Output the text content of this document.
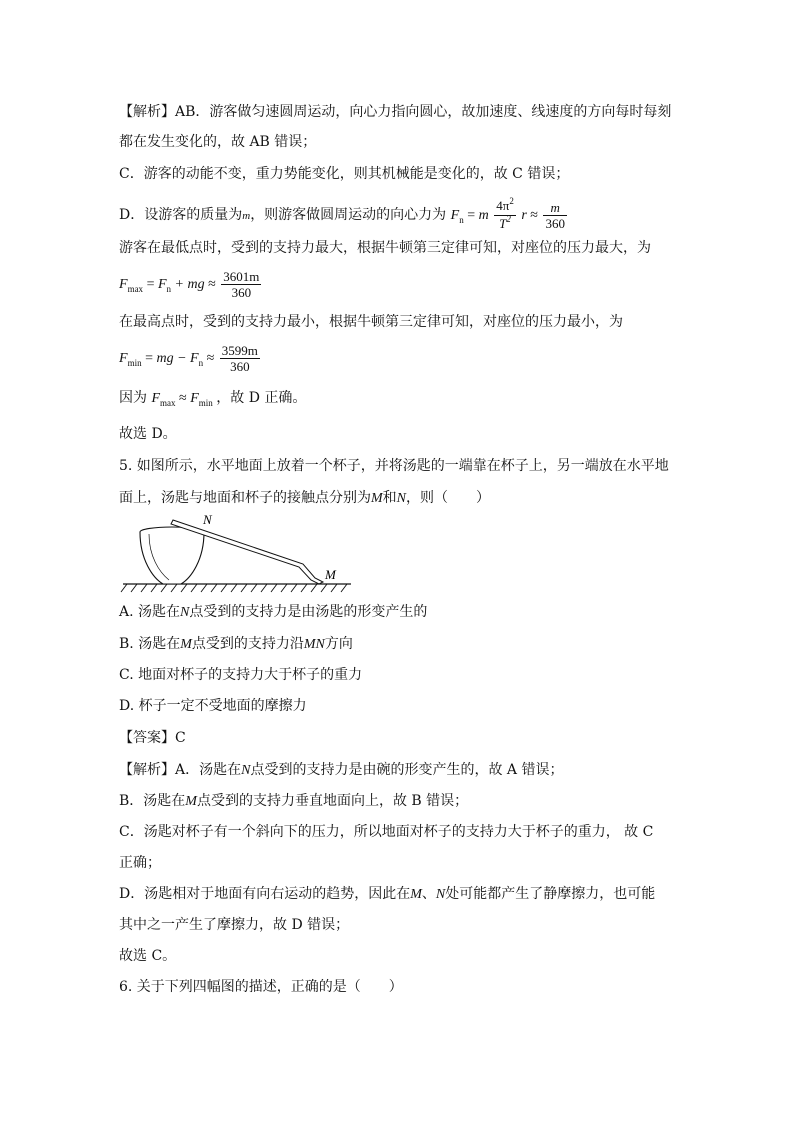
【解析】AB．游客做匀速圆周运动，向心力指向圆心，故加速度、线速度的方向每时每刻
都在发生变化的，故 AB 错误；
C．游客的动能不变，重力势能变化，则其机械能是变化的，故 C 错误；
D．设游客的质量为m，则游客做圆周运动的向心力为 $F_n = m \frac{4\pi^2}{T^2}$ $r \approx \frac{m}{360}$
游客在最低点时，受到的支持力最大，根据牛顿第三定律可知，对座位的压力最大，为
$F_{max} = F_n$ + mg ≈ $\frac{3601m}{360}$
在最高点时，受到的支持力最小，根据牛顿第三定律可知，对座位的压力最小，为
$F_{min}$ = mg − $F_n \approx \frac{3599m}{360}$
因为 $F_{max} \approx F_{min}$ ，故 D 正确。
故选 D。
5. 如图所示，水平地面上放着一个杯子，并将汤匙的一端靠在杯子上，另一端放在水平地
面上，汤匙与地面和杯子的接触点分别为M和N，则（　　）
N
M
A. 汤匙在N点受到的支持力是由汤匙的形变产生的
B. 汤匙在M点受到的支持力沿MN方向
C. 地面对杯子的支持力大于杯子的重力
D. 杯子一定不受地面的摩擦力
【答案】C
【解析】A．汤匙在N点受到的支持力是由碗的形变产生的，故 A 错误；
B．汤匙在M点受到的支持力垂直地面向上，故 B 错误；
C．汤匙对杯子有一个斜向下的压力，所以地面对杯子的支持力大于杯子的重力， 故 C
正确；
D．汤匙相对于地面有向右运动的趋势，因此在M、N处可能都产生了静摩擦力，也可能
其中之一产生了摩擦力，故 D 错误；
故选 C。
6. 关于下列四幅图的描述，正确的是（　　）
